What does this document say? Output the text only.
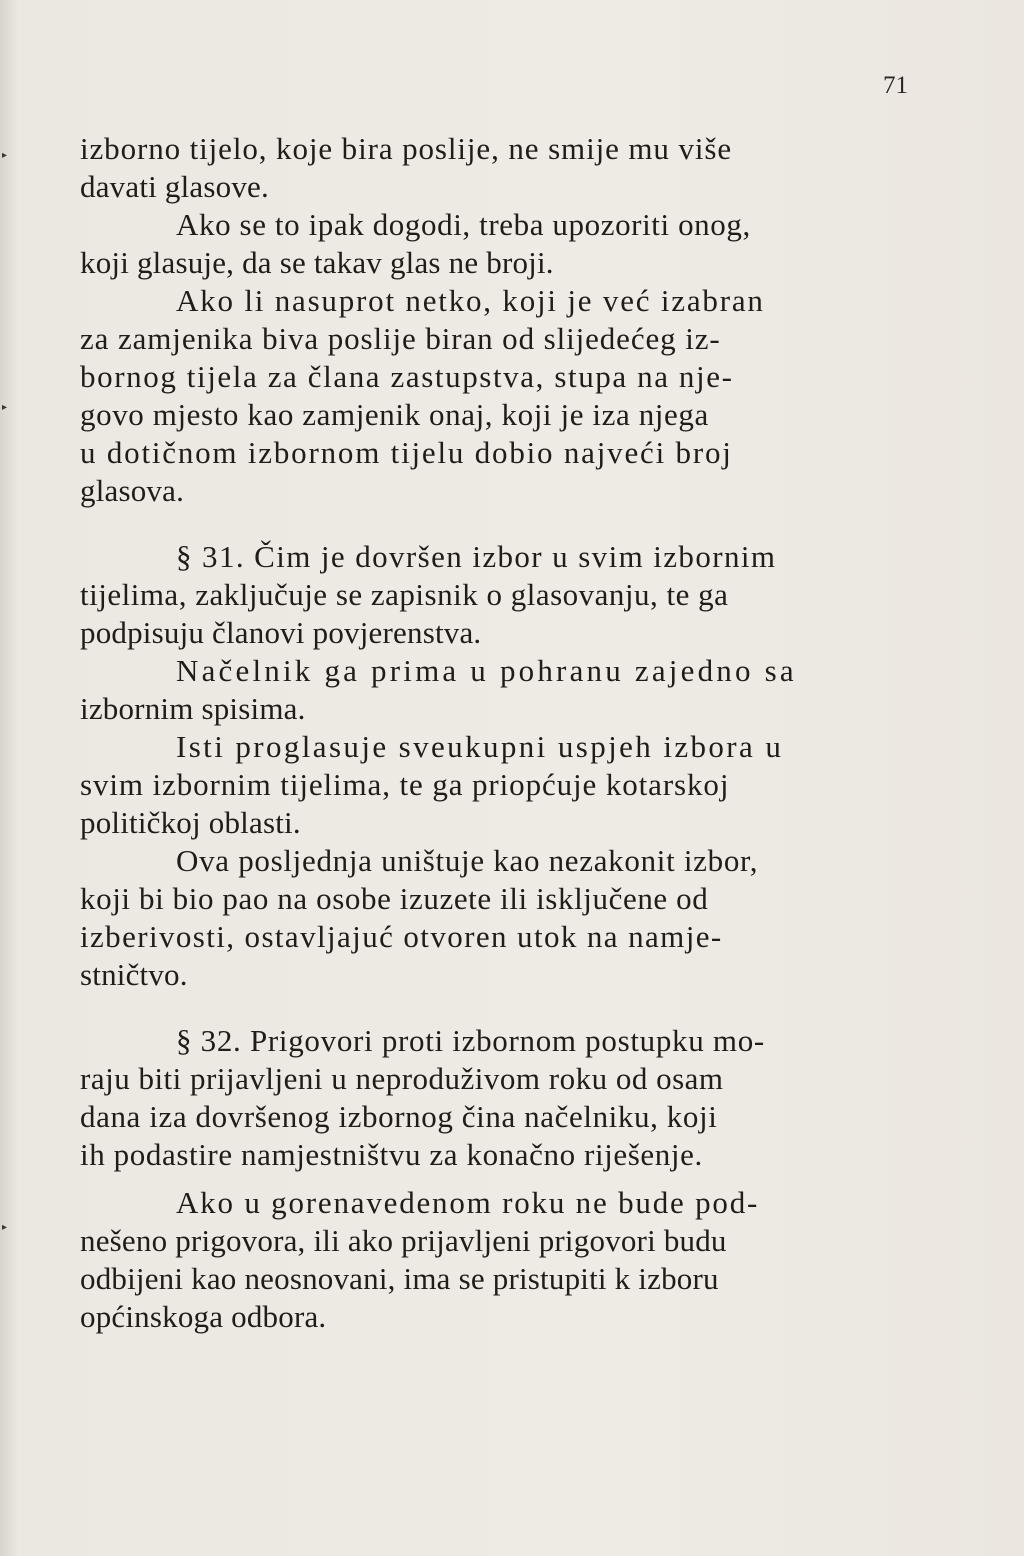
71
izborno tijelo, koje bira poslije, ne smije mu više
davati glasove.
Ako se to ipak dogodi, treba upozoriti onog,
koji glasuje, da se takav glas ne broji.
Ako li nasuprot netko, koji je već izabran
za zamjenika biva poslije biran od slijedećeg iz-
bornog tijela za člana zastupstva, stupa na nje-
govo mjesto kao zamjenik onaj, koji je iza njega
u dotičnom izbornom tijelu dobio najveći broj
glasova.
§ 31. Čim je dovršen izbor u svim izbornim
tijelima, zaključuje se zapisnik o glasovanju, te ga
podpisuju članovi povjerenstva.
Načelnik ga prima u pohranu zajedno sa
izbornim spisima.
Isti proglasuje sveukupni uspjeh izbora u
svim izbornim tijelima, te ga priopćuje kotarskoj
političkoj oblasti.
Ova posljednja uništuje kao nezakonit izbor,
koji bi bio pao na osobe izuzete ili isključene od
izberivosti, ostavljajuć otvoren utok na namje-
stničtvo.
§ 32. Prigovori proti izbornom postupku mo-
raju biti prijavljeni u neproduživom roku od osam
dana iza dovršenog izbornog čina načelniku, koji
ih podastire namjestništvu za konačno riješenje.
Ako u gorenavedenom roku ne bude pod-
nešeno prigovora, ili ako prijavljeni prigovori budu
odbijeni kao neosnovani, ima se pristupiti k izboru
općinskoga odbora.
▸
▸
▸
